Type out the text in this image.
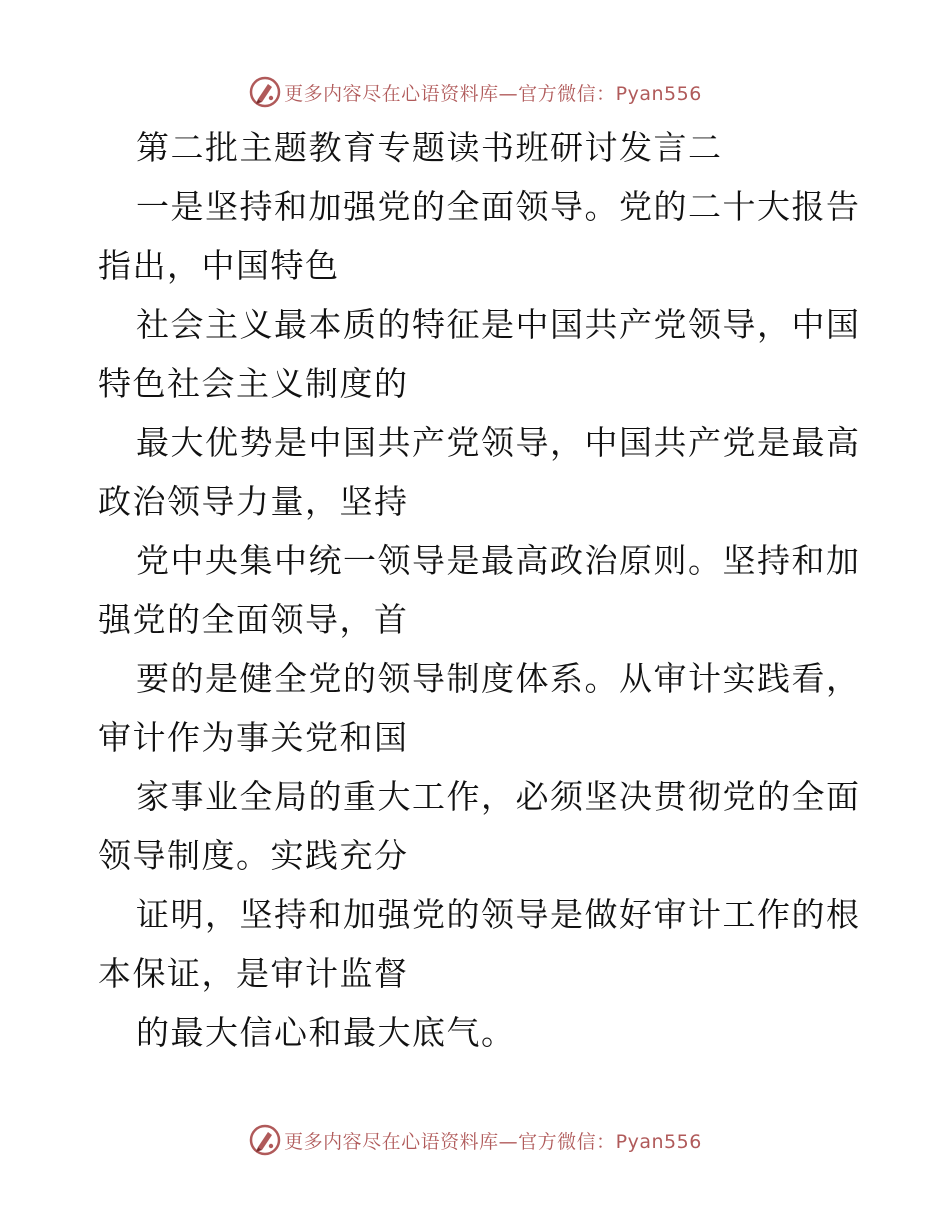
更多内容尽在心语资料库—官方微信：Pyan556
第二批主题教育专题读书班研讨发言二
一是坚持和加强党的全面领导。党的二十大报告
指出，中国特色
社会主义最本质的特征是中国共产党领导，中国
特色社会主义制度的
最大优势是中国共产党领导，中国共产党是最高
政治领导力量，坚持
党中央集中统一领导是最高政治原则。坚持和加
强党的全面领导，首
要的是健全党的领导制度体系。从审计实践看，
审计作为事关党和国
家事业全局的重大工作，必须坚决贯彻党的全面
领导制度。实践充分
证明，坚持和加强党的领导是做好审计工作的根
本保证，是审计监督
的最大信心和最大底气。
更多内容尽在心语资料库—官方微信：Pyan556
